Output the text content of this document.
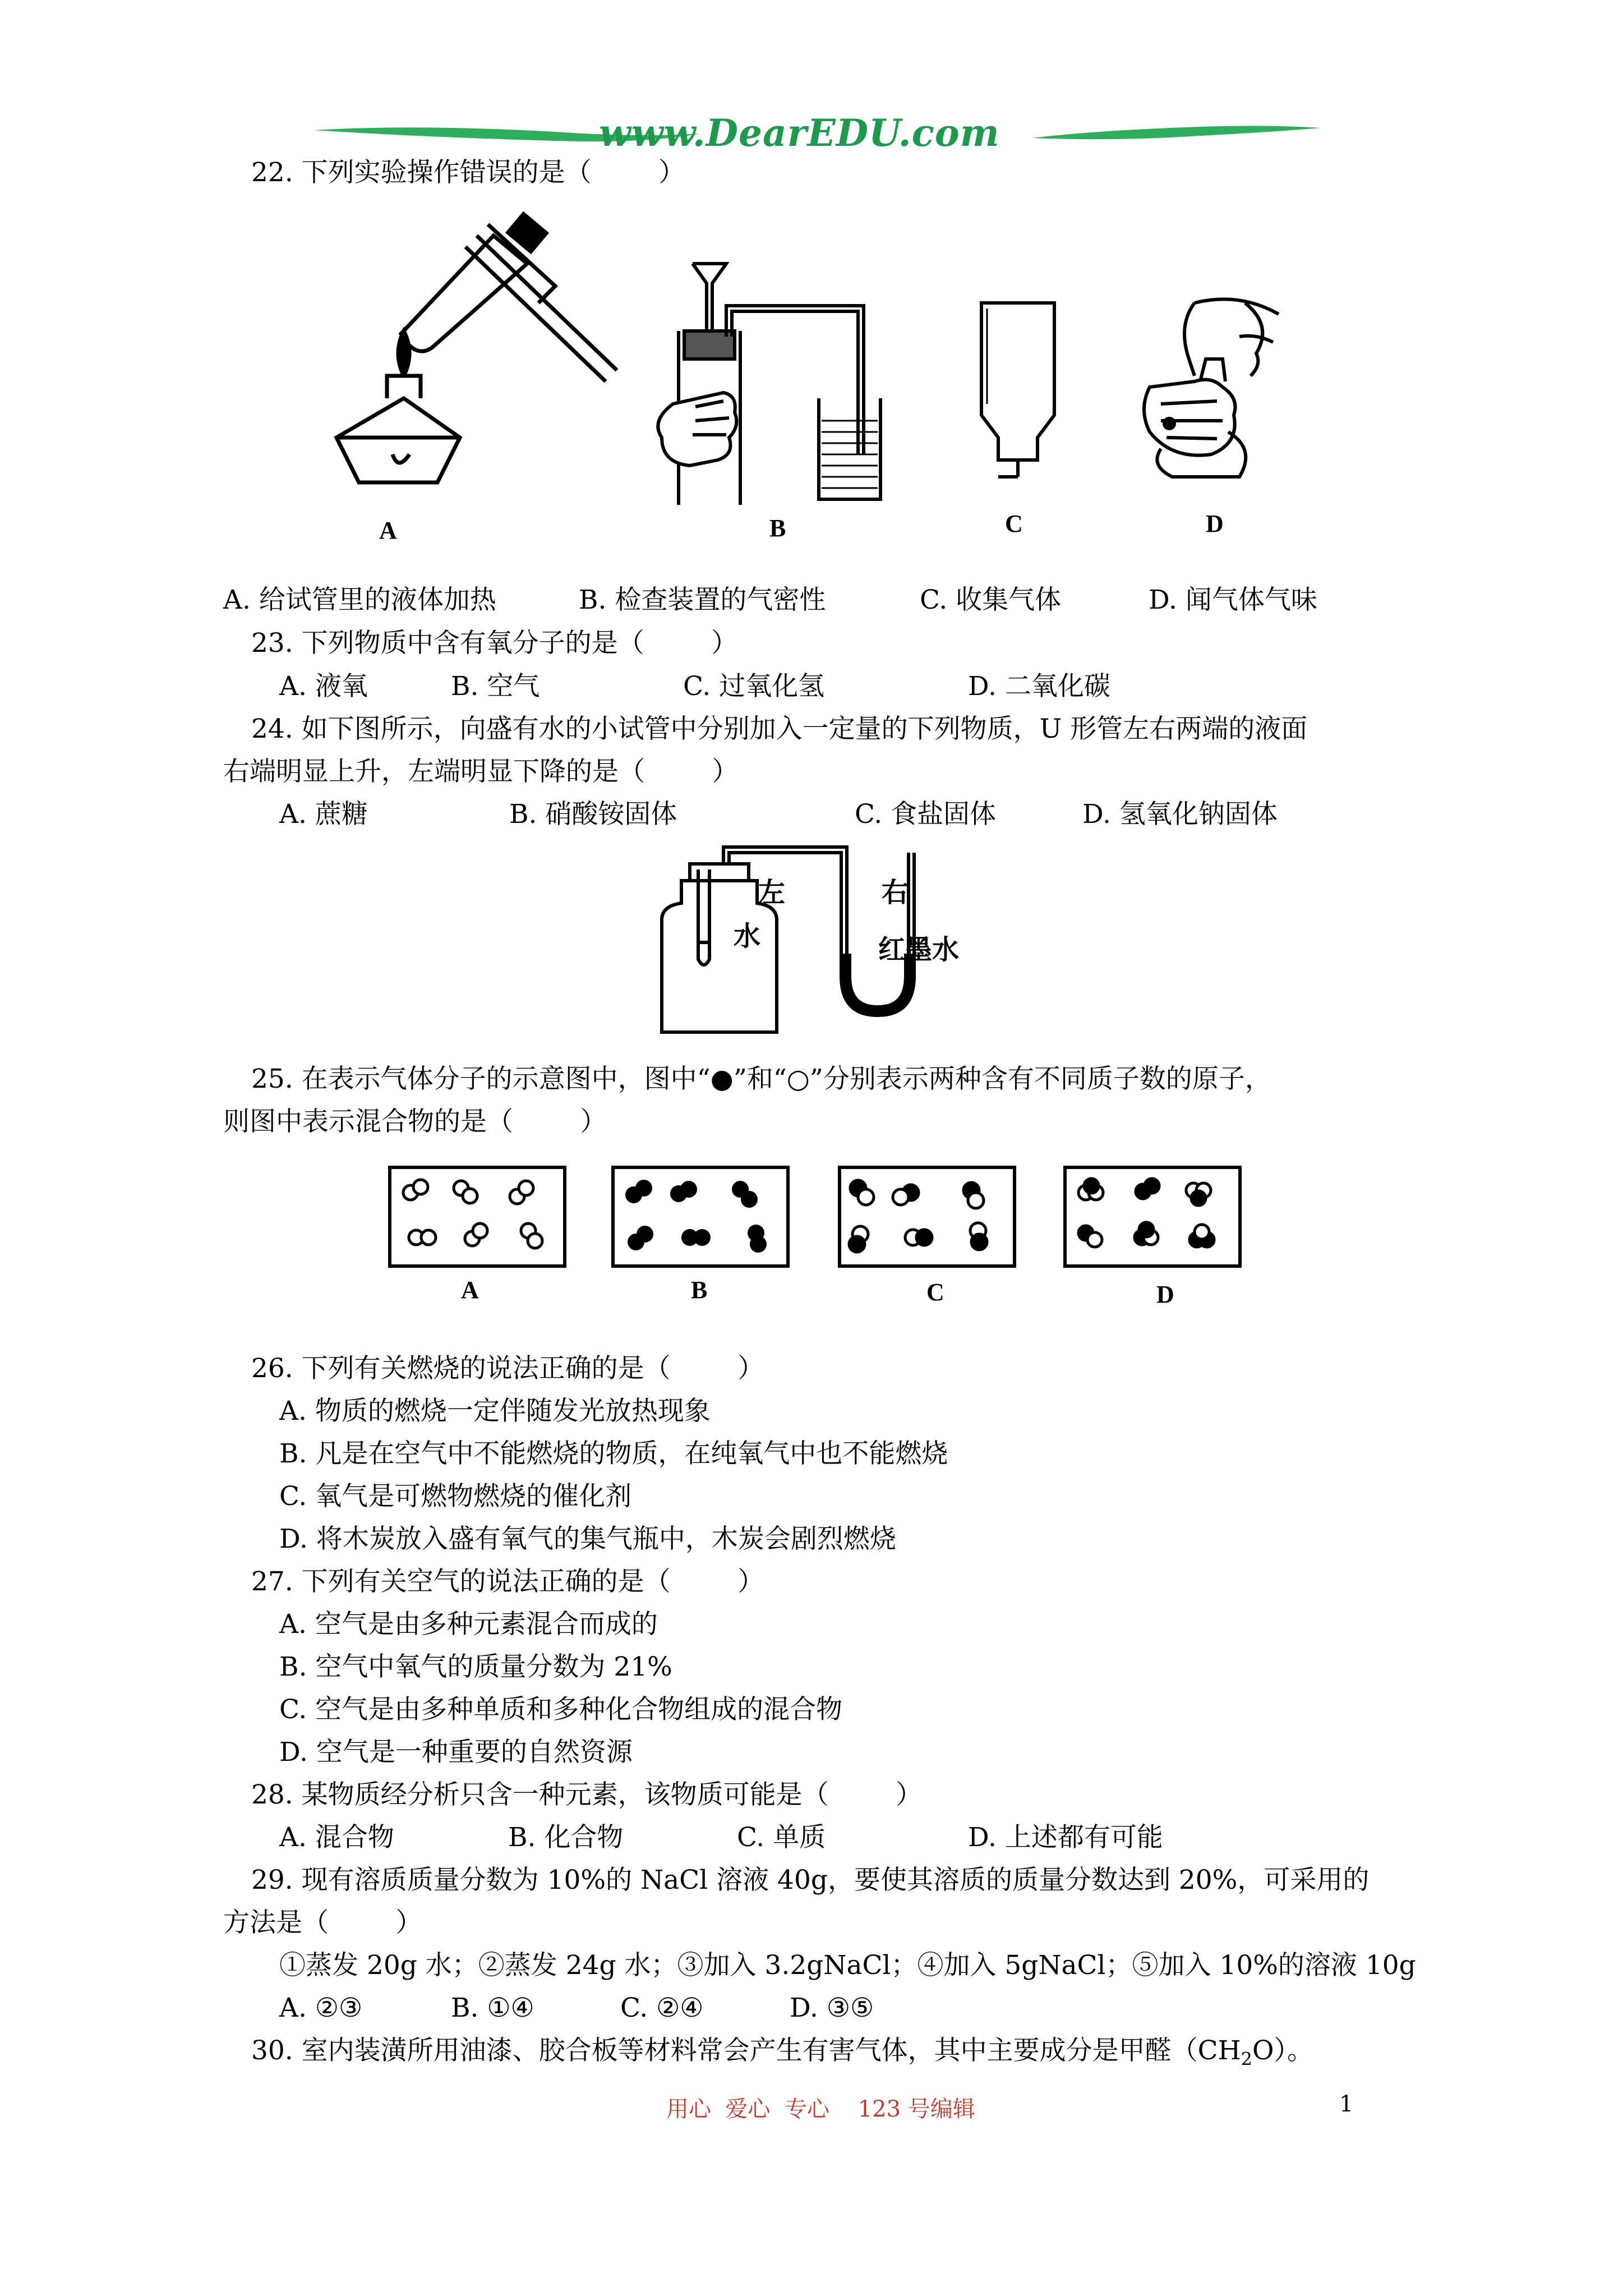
www.DearEDU.com
22. 下列实验操作错误的是（        ）
A	B	C	D
A. 给试管里的液体加热	B. 检查装置的气密性	C. 收集气体	D. 闻气体气味
23. 下列物质中含有氧分子的是（        ）
A. 液氧	B. 空气	C. 过氧化氢	D. 二氧化碳
24. 如下图所示，向盛有水的小试管中分别加入一定量的下列物质，U 形管左右两端的液面
右端明显上升，左端明显下降的是（        ）
A. 蔗糖	B. 硝酸铵固体	C. 食盐固体	D. 氢氧化钠固体
左
水
右
红墨水
25. 在表示气体分子的示意图中，图中“●”和“○”分别表示两种含有不同质子数的原子，
则图中表示混合物的是（        ）
A	B	C	D
26. 下列有关燃烧的说法正确的是（        ）
A. 物质的燃烧一定伴随发光放热现象
B. 凡是在空气中不能燃烧的物质，在纯氧气中也不能燃烧
C. 氧气是可燃物燃烧的催化剂
D. 将木炭放入盛有氧气的集气瓶中，木炭会剧烈燃烧
27. 下列有关空气的说法正确的是（        ）
A. 空气是由多种元素混合而成的
B. 空气中氧气的质量分数为 21%
C. 空气是由多种单质和多种化合物组成的混合物
D. 空气是一种重要的自然资源
28. 某物质经分析只含一种元素，该物质可能是（        ）
A. 混合物	B. 化合物	C. 单质	D. 上述都有可能
29. 现有溶质质量分数为 10%的 NaCl 溶液 40g，要使其溶质的质量分数达到 20%，可采用的
方法是（        ）
①蒸发 20g 水；②蒸发 24g 水；③加入 3.2gNaCl；④加入 5gNaCl；⑤加入 10%的溶液 10g
A. ②③	B. ①④	C. ②④	D. ③⑤
30. 室内装潢所用油漆、胶合板等材料常会产生有害气体，其中主要成分是甲醛$(CH_2O)$。
用心  爱心  专心    123 号编辑	1
